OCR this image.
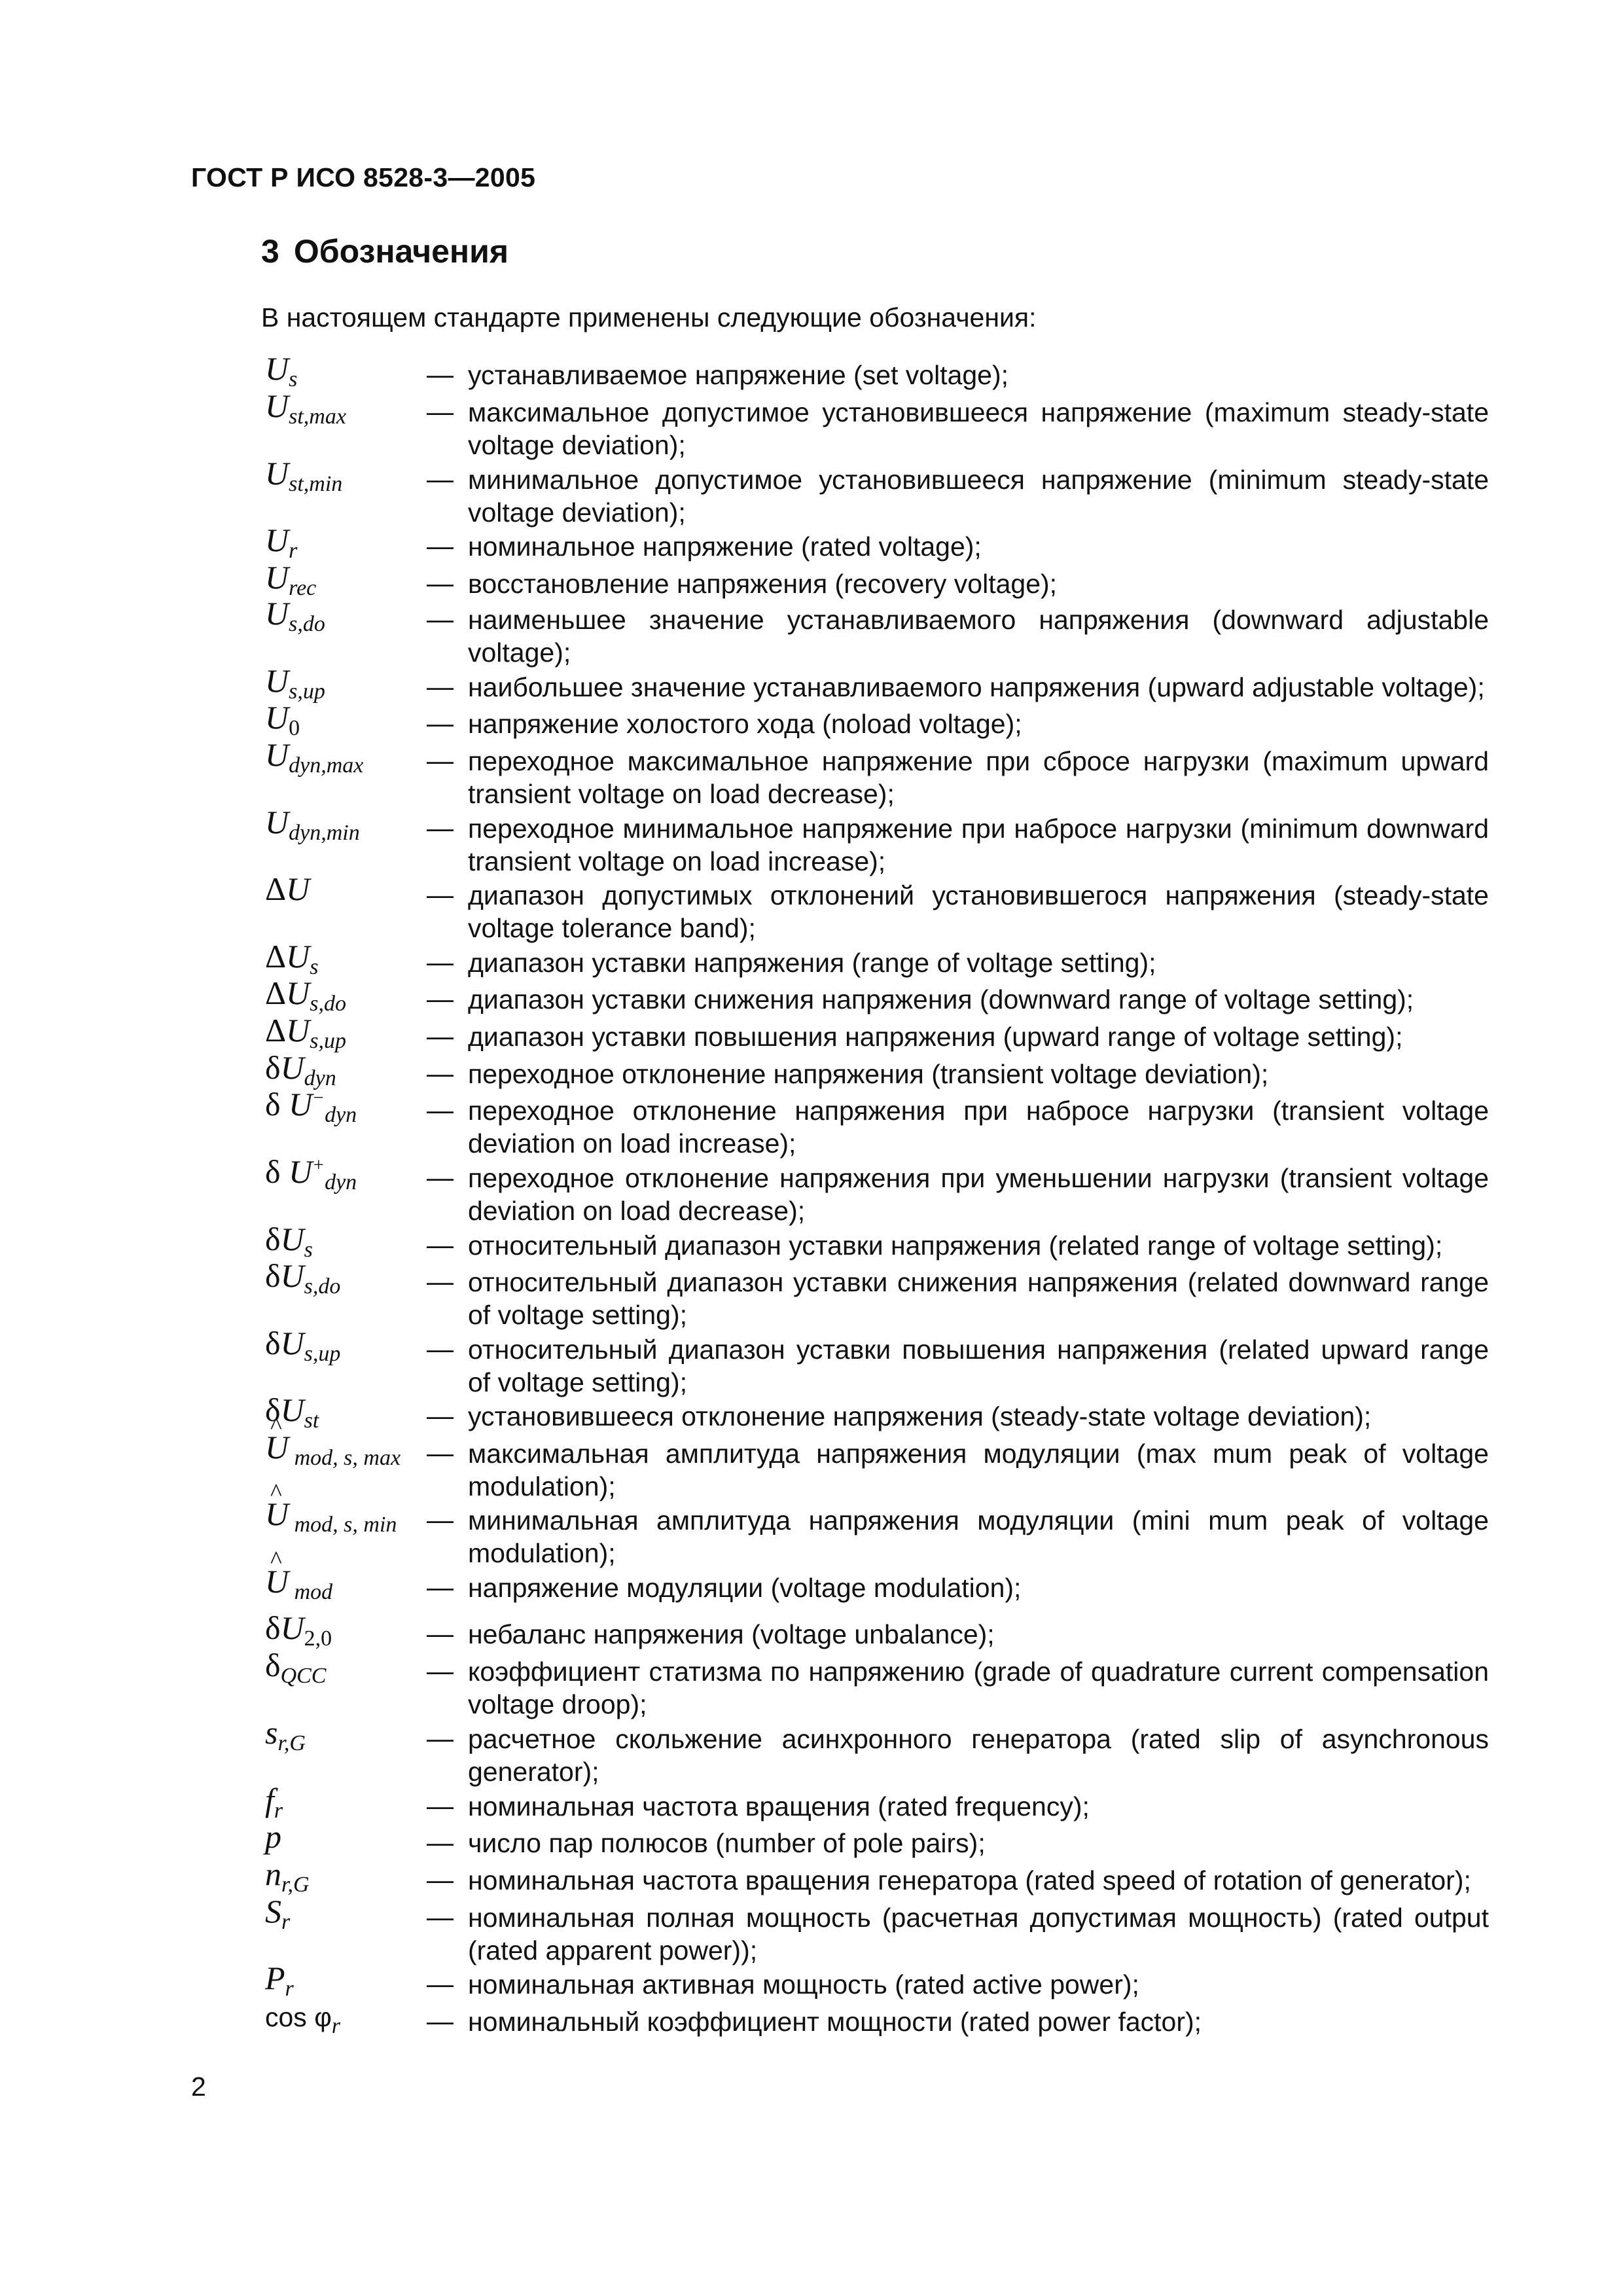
ГОСТ Р ИСО 8528-3—2005
3 Обозначения
В настоящем стандарте применены следующие обозначения:
$U_s$	— устанавливаемое напряжение (set voltage);
$U_{st,max}$	— максимальное допустимое установившееся напряжение (maximum steady-state voltage deviation);
$U_{st,min}$	— минимальное допустимое установившееся напряжение (minimum steady-state voltage deviation);
$U_r$	— номинальное напряжение (rated voltage);
$U_{rec}$	— восстановление напряжения (recovery voltage);
$U_{s,do}$	— наименьшее значение устанавливаемого напряжения (downward adjustable voltage);
$U_{s,up}$	— наибольшее значение устанавливаемого напряжения (upward adjustable voltage);
$U_0$	— напряжение холостого хода (noload voltage);
$U_{dyn,max}$ — переходное максимальное напряжение при сбросе нагрузки (maximum upward transient voltage on load decrease);
$U_{dyn,min}$ — переходное минимальное напряжение при набросе нагрузки (minimum downward transient voltage on load increase);
ΔU	— диапазон допустимых отклонений установившегося напряжения (steady-state voltage tolerance band);
$\Delta U_s$	— диапазон уставки напряжения (range of voltage setting);
$\Delta U_{s,do}$	— диапазон уставки снижения напряжения (downward range of voltage setting);
$\Delta U_{s,up}$	— диапазон уставки повышения напряжения (upward range of voltage setting);
$\delta U_{dyn}$	— переходное отклонение напряжения (transient voltage deviation);
δ $U^-_{dyn}$	— переходное отклонение напряжения при набросе нагрузки (transient voltage deviation on load increase);
δ $U^+_{dyn}$	— переходное отклонение напряжения при уменьшении нагрузки (transient voltage deviation on load decrease);
$\delta U_s$	— относительный диапазон уставки напряжения (related range of voltage setting);
$\delta U_{s,do}$	— относительный диапазон уставки снижения напряжения (related downward range of voltage setting);
$\delta U_{s,up}$	— относительный диапазон уставки повышения напряжения (related upward range of voltage setting);
$\delta U_{st}$	— установившееся отклонение напряжения (steady-state voltage deviation);
^ U $_{mod, s, max}$ — максимальная амплитуда напряжения модуляции (max mum peak of voltage modulation);
^ U $_{mod, s, min}$ — минимальная амплитуда напряжения модуляции (mini mum peak of voltage modulation);
^ U $_{mod}$	— напряжение модуляции (voltage modulation);
$\delta U_{2,0}$	— небаланс напряжения (voltage unbalance);
$\delta_{QCC}$	— коэффициент статизма по напряжению (grade of quadrature current compensation voltage droop);
$s_{r,G}$	— расчетное скольжение асинхронного генератора (rated slip of asynchronous generator);
$f_r$	— номинальная частота вращения (rated frequency);
p	— число пар полюсов (number of pole pairs);
$n_{r,G}$	— номинальная частота вращения генератора (rated speed of rotation of generator);
$S_r$	— номинальная полная мощность (расчетная допустимая мощность) (rated output (rated apparent power));
$P_r$	— номинальная активная мощность (rated active power);
$\cos \varphi_r$	— номинальный коэффициент мощности (rated power factor);
2
